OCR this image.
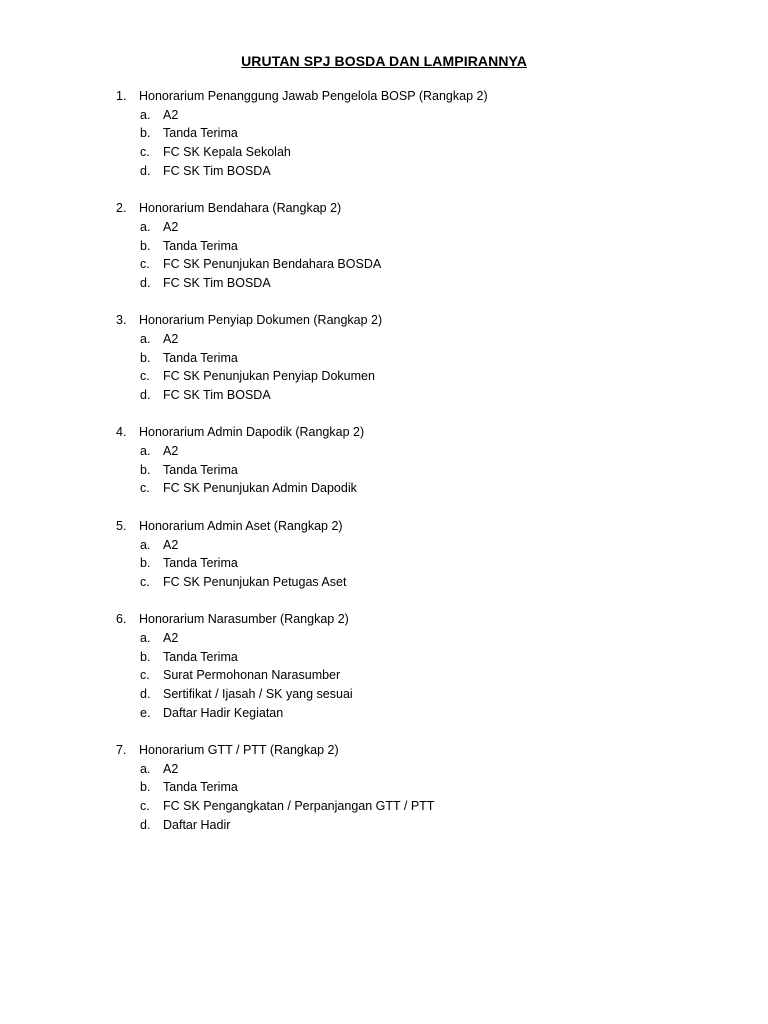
URUTAN SPJ BOSDA DAN LAMPIRANNYA
1. Honorarium Penanggung Jawab Pengelola BOSP (Rangkap 2)
a. A2
b. Tanda Terima
c. FC SK Kepala Sekolah
d. FC SK Tim BOSDA
2. Honorarium Bendahara (Rangkap 2)
a. A2
b. Tanda Terima
c. FC SK Penunjukan Bendahara BOSDA
d. FC SK Tim BOSDA
3. Honorarium Penyiap Dokumen (Rangkap 2)
a. A2
b. Tanda Terima
c. FC SK Penunjukan Penyiap Dokumen
d. FC SK Tim BOSDA
4. Honorarium Admin Dapodik (Rangkap 2)
a. A2
b. Tanda Terima
c. FC SK Penunjukan Admin Dapodik
5. Honorarium Admin Aset (Rangkap 2)
a. A2
b. Tanda Terima
c. FC SK Penunjukan Petugas Aset
6. Honorarium Narasumber (Rangkap 2)
a. A2
b. Tanda Terima
c. Surat Permohonan Narasumber
d. Sertifikat / Ijasah / SK yang sesuai
e. Daftar Hadir Kegiatan
7. Honorarium GTT / PTT (Rangkap 2)
a. A2
b. Tanda Terima
c. FC SK Pengangkatan / Perpanjangan GTT / PTT
d. Daftar Hadir
